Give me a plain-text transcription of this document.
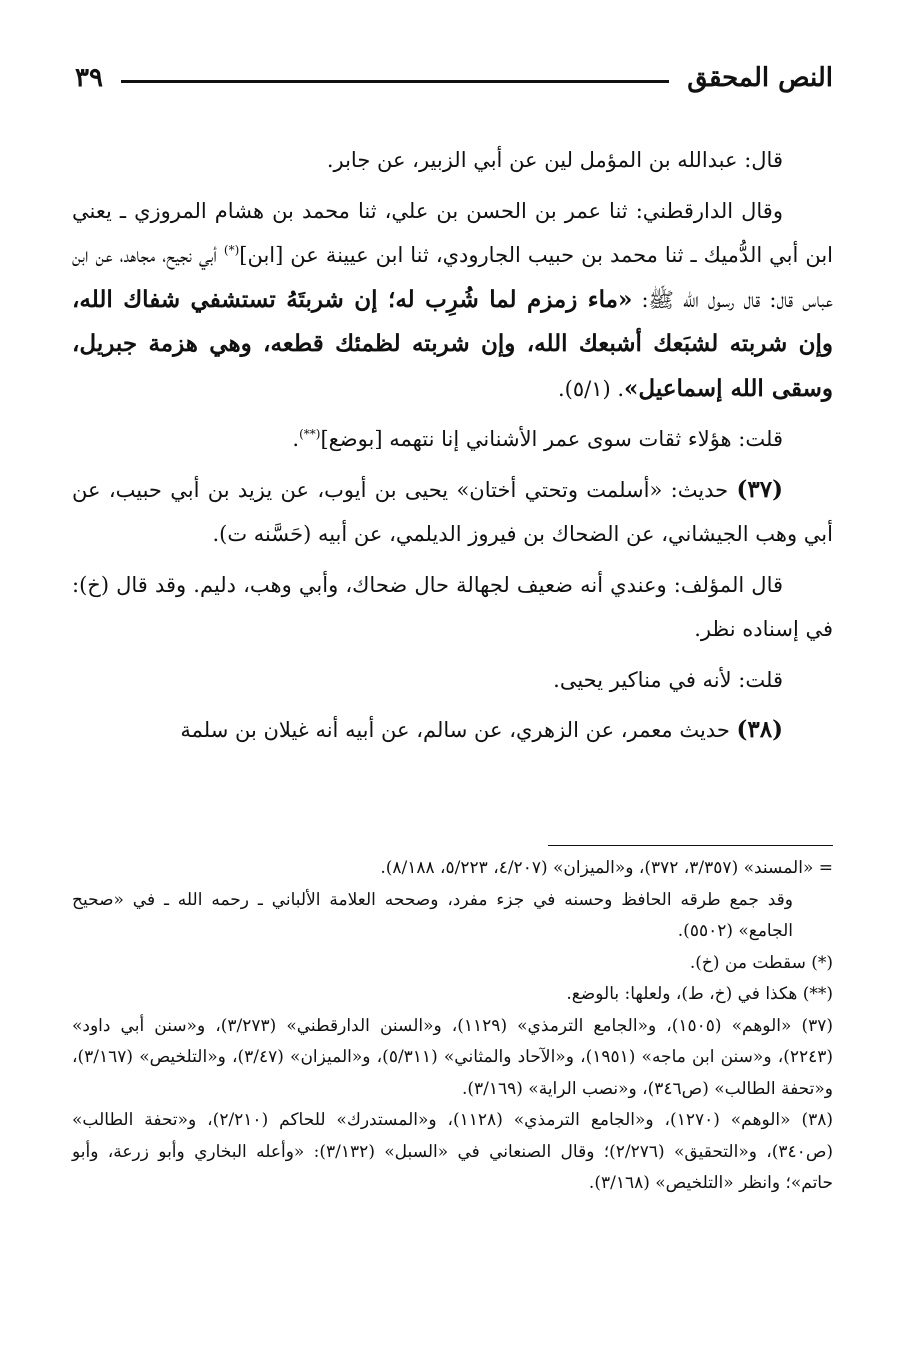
النص المحقق
٣٩

قال: عبدالله بن المؤمل لين عن أبي الزبير، عن جابر.

وقال الدارقطني: ثنا عمر بن الحسن بن علي، ثنا محمد بن هشام المروزي ـ يعني ابن أبي الدُّميك ـ ثنا محمد بن حبيب الجارودي، ثنا ابن عيينة عن [ابن](*) أبي نجيح، مجاهد، عن ابن عباس قال: قال رسول الله ﷺ: «ماء زمزم لما شُرِب له؛ إن شربتَهُ تستشفي شفاك الله، وإن شربته لشبَعك أشبعك الله، وإن شربته لظمئك قطعه، وهي هزمة جبريل، وسقى الله إسماعيل». (٥/١).

قلت: هؤلاء ثقات سوى عمر الأشناني إنا نتهمه [بوضع](**).

(٣٧) حديث: «أسلمت وتحتي أختان» يحيى بن أيوب، عن يزيد بن أبي حبيب، عن أبي وهب الجيشاني، عن الضحاك بن فيروز الديلمي، عن أبيه (حَسَّنه ت).

قال المؤلف: وعندي أنه ضعيف لجهالة حال ضحاك، وأبي وهب، دليم. وقد قال (خ): في إسناده نظر.

قلت: لأنه في مناكير يحيى.

(٣٨) حديث معمر، عن الزهري، عن سالم، عن أبيه أنه غيلان بن سلمة

= «المسند» (٣/٣٥٧، ٣٧٢)، و«الميزان» (٤/٢٠٧، ٥/٢٢٣، ٨/١٨٨).

وقد جمع طرقه الحافظ وحسنه في جزء مفرد، وصححه العلامة الألباني ـ رحمه الله ـ في «صحيح الجامع» (٥٥٠٢).

(*) سقطت من (خ).

(**) هكذا في (خ، ط)، ولعلها: بالوضع.

(٣٧) «الوهم» (١٥٠٥)، و«الجامع الترمذي» (١١٢٩)، و«السنن الدارقطني» (٣/٢٧٣)، و«سنن أبي داود» (٢٢٤٣)، و«سنن ابن ماجه» (١٩٥١)، و«الآحاد والمثاني» (٥/٣١١)، و«الميزان» (٣/٤٧)، و«التلخيص» (٣/١٦٧)، و«تحفة الطالب» (ص٣٤٦)، و«نصب الراية» (٣/١٦٩).

(٣٨) «الوهم» (١٢٧٠)، و«الجامع الترمذي» (١١٢٨)، و«المستدرك» للحاكم (٢/٢١٠)، و«تحفة الطالب» (ص٣٤٠)، و«التحقيق» (٢/٢٧٦)؛ وقال الصنعاني في «السبل» (٣/١٣٢): «وأعله البخاري وأبو زرعة، وأبو حاتم»؛ وانظر «التلخيص» (٣/١٦٨).
